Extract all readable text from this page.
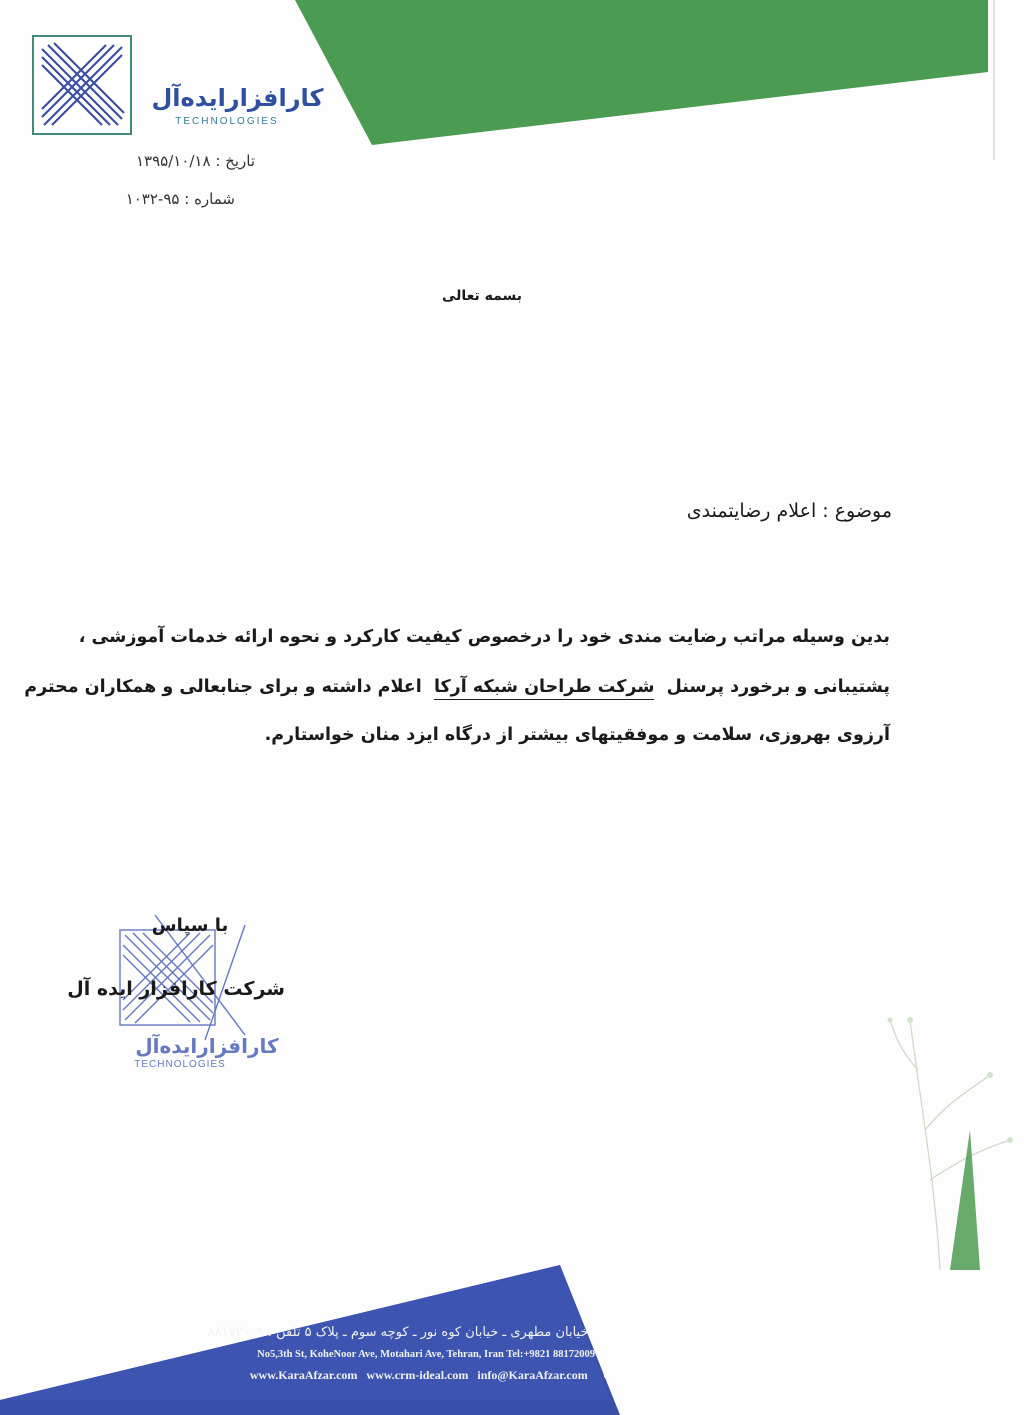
کارافزارایده‌آل
TECHNOLOGIES
تاریخ : ۱۳۹۵/۱۰/۱۸
شماره : ۹۵-۱۰۳۲
بسمه تعالی
موضوع : اعلام رضایتمندی
بدین وسیله مراتب رضایت مندی خود را درخصوص کیفیت کارکرد و نحوه ارائه خدمات آموزشی ،
پشتیبانی و برخورد پرسنل  شرکت طراحان شبکه آرکا  اعلام داشته و برای جنابعالی و همکاران محترم
آرزوی بهروزی، سلامت و موفقیتهای بیشتر از درگاه ایزد منان خواستارم.
کارافزارایده‌آل
TECHNOLOGIES
با سپاس
شرکت کارافزار ایده آل
● خیابان مطهری ـ خیابان کوه نور ـ کوچه سوم ـ پلاک ۵ تلفن : ۸۸۱۷۲۰۰۹
No5,3th St, KoheNoor Ave, Motahari Ave, Tehran, Iran Tel:+9821 88172009 ●
www.KaraAfzar.com www.crm-ideal.com info@KaraAfzar.com ●
